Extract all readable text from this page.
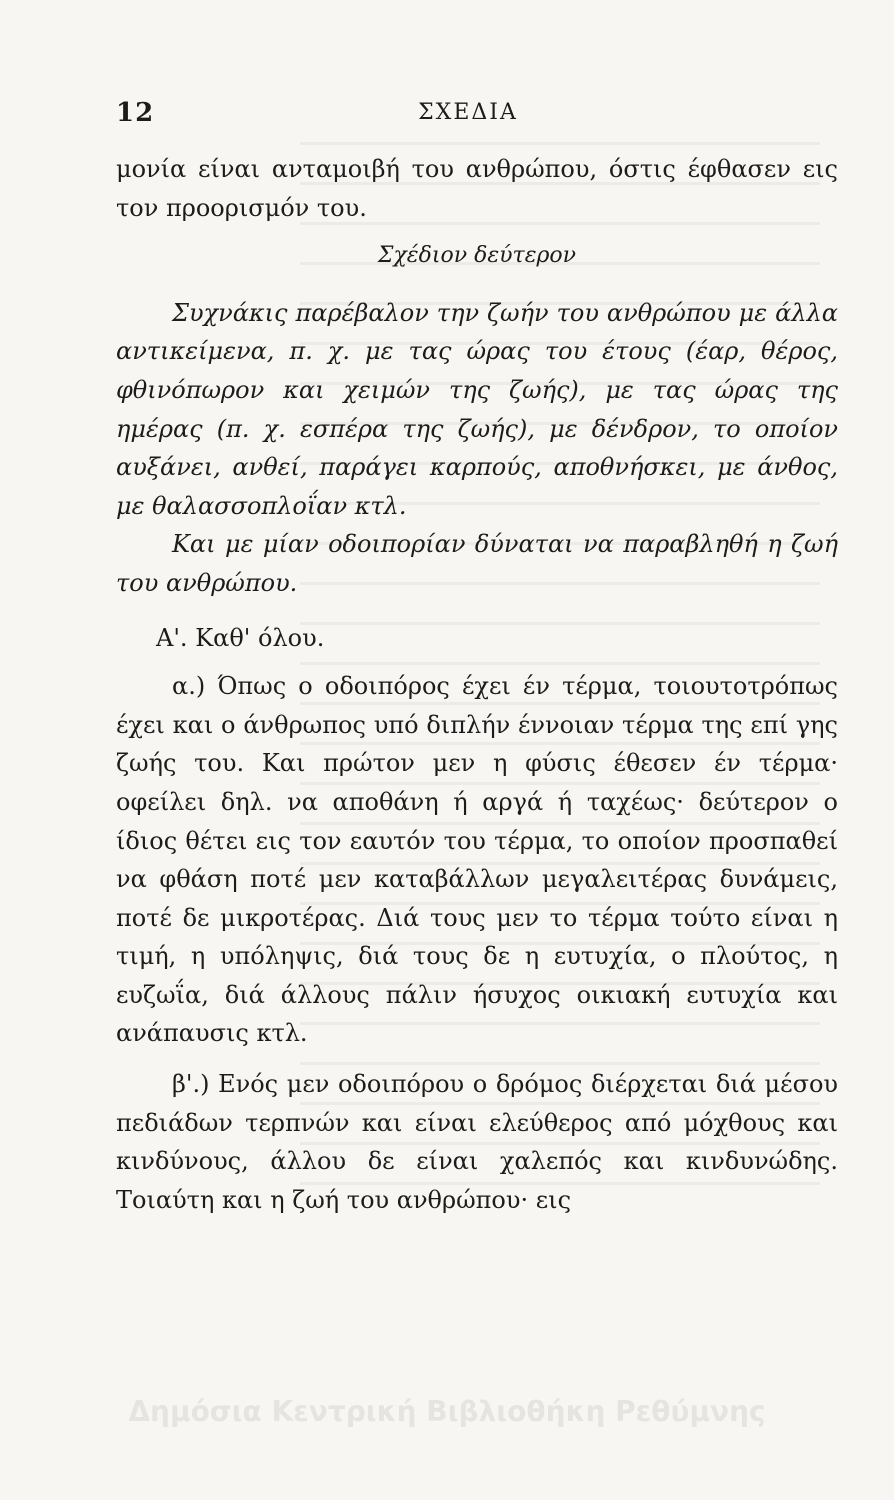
12	ΣΧΕΔΙΑ

μονία είναι ανταμοιβή του ανθρώπου, όστις έφθασεν εις τον προορισμόν του.

Σχέδιον δεύτερον

Συχνάκις παρέβαλον την ζωήν του ανθρώπου με άλλα αντικείμενα, π. χ. με τας ώρας του έτους (έαρ, θέρος, φθινόπωρον και χειμών της ζωής), με τας ώρας της ημέρας (π. χ. εσπέρα της ζωής), με δένδρον, το οποίον αυξάνει, ανθεί, παράγει καρπούς, αποθνήσκει, με άνθος, με θαλασσοπλοΐαν κτλ.

Και με μίαν οδοιπορίαν δύναται να παραβληθή η ζωή του ανθρώπου.

Α'. Καθ' όλου.

α.) Όπως ο οδοιπόρος έχει έν τέρμα, τοιουτοτρόπως έχει και ο άνθρωπος υπό διπλήν έννοιαν τέρμα της επί γης ζωής του. Και πρώτον μεν η φύσις έθεσεν έν τέρμα· οφείλει δηλ. να αποθάνη ή αργά ή ταχέως· δεύτερον ο ίδιος θέτει εις τον εαυτόν του τέρμα, το οποίον προσπαθεί να φθάση ποτέ μεν καταβάλλων μεγαλειτέρας δυνάμεις, ποτέ δε μικροτέρας. Διά τους μεν το τέρμα τούτο είναι η τιμή, η υπόληψις, διά τους δε η ευτυχία, ο πλούτος, η ευζωΐα, διά άλλους πάλιν ήσυχος οικιακή ευτυχία και ανάπαυσις κτλ.

β'.) Ενός μεν οδοιπόρου ο δρόμος διέρχεται διά μέσου πεδιάδων τερπνών και είναι ελεύθερος από μόχθους και κινδύνους, άλλου δε είναι χαλεπός και κινδυνώδης. Τοιαύτη και η ζωή του ανθρώπου· εις

Δημόσια Κεντρική Βιβλιοθήκη Ρεθύμνης
